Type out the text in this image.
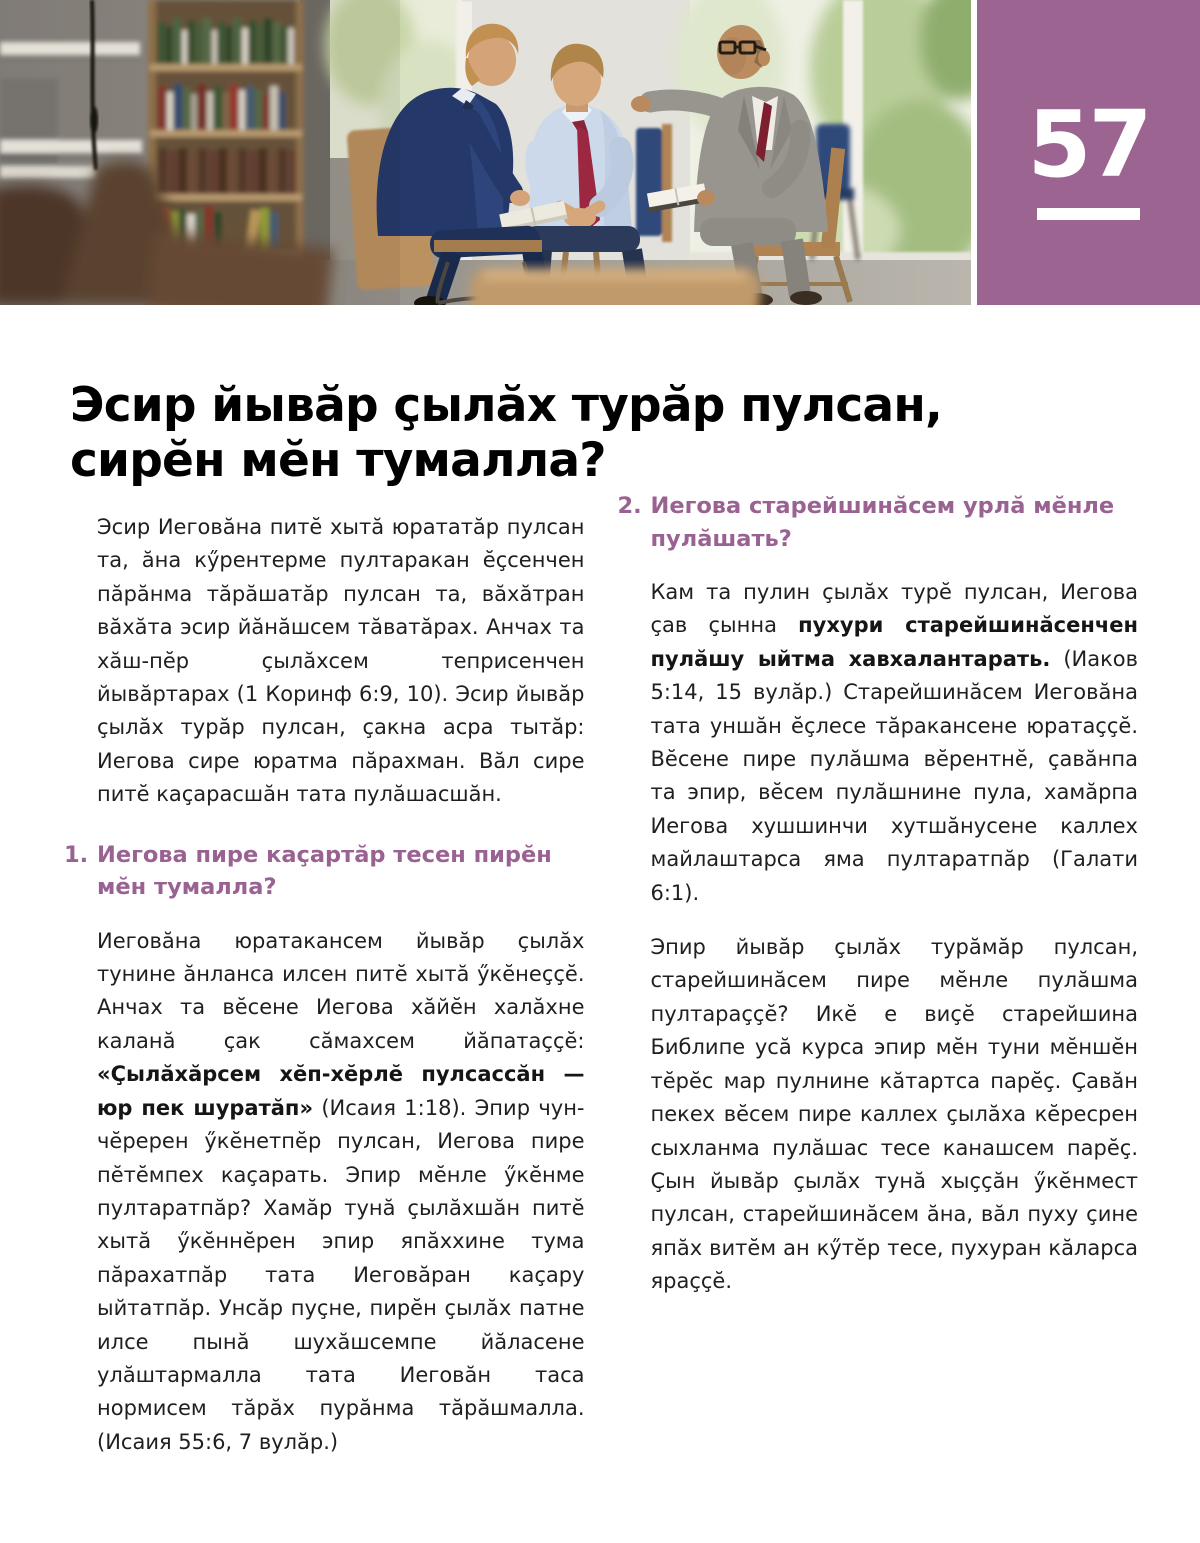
57
Эсир йывӑр ҫылӑх турӑр пулсан,
сирӗн мӗн тумалла?

Эсир Иеговӑна питӗ хытӑ юрататӑр пулсан та, ӑна кӳрентерме пултаракан ӗҫсенчен пӑрӑнма тӑрӑшатӑр пулсан та, вӑхӑтран вӑхӑта эсир йӑнӑшсем тӑватӑрах. Анчах та хӑш-пӗр ҫылӑхсем теприсенчен йывӑртарах (1 Коринф 6:9, 10). Эсир йывӑр ҫылӑх турӑр пулсан, ҫакна асра тытӑр: Иегова сире юратма пӑрахман. Вӑл сире питӗ каҫарасшӑн тата пулӑшасшӑн.

1. Иегова пире каҫартӑр тесен пирӗн мӗн тумалла?

Иеговӑна юратакансем йывӑр ҫылӑх тунине ӑнланса илсен питӗ хытӑ ӳкӗнеҫҫӗ. Анчах та вӗсене Иегова хӑйӗн халӑхне каланӑ ҫак сӑмахсем йӑпатаҫҫӗ: «Ҫылӑхӑрсем хӗп-хӗрлӗ пулсассӑн — юр пек шуратӑп» (Исаия 1:18). Эпир чун-чӗререн ӳкӗнетпӗр пулсан, Иегова пире пӗтӗмпех каҫарать. Эпир мӗнле ӳкӗнме пултаратпӑр? Хамӑр тунӑ ҫылӑхшӑн питӗ хытӑ ӳкӗннӗрен эпир япӑххине тума пӑрахатпӑр тата Иеговӑран каҫару ыйтатпӑр. Унсӑр пуҫне, пирӗн ҫылӑх патне илсе пынӑ шухӑшсемпе йӑласене улӑштармалла тата Иеговӑн таса нормисем тӑрӑх пурӑнма тӑрӑшмалла. (Исаия 55:6, 7 вулӑр.)

2. Иегова старейшинӑсем урлӑ мӗнле пулӑшать?

Кам та пулин ҫылӑх турӗ пулсан, Иегова ҫав ҫынна пухури старейшинӑсенчен пулӑшу ыйтма хавхалантарать. (Иаков 5:14, 15 вулӑр.) Старейшинӑсем Иеговӑна тата уншӑн ӗҫлесе тӑракансене юратаҫҫӗ. Вӗсене пире пулӑшма вӗрентнӗ, ҫавӑнпа та эпир, вӗсем пулӑшнине пула, хамӑрпа Иегова хушшинчи хутшӑнусене каллех майлаштарса яма пултаратпӑр (Галати 6:1).

Эпир йывӑр ҫылӑх турӑмӑр пулсан, старейшинӑсем пире мӗнле пулӑшма пултараҫҫӗ? Икӗ е виҫӗ старейшина Библипе усӑ курса эпир мӗн туни мӗншӗн тӗрӗс мар пулнине кӑтартса парӗҫ. Ҫавӑн пекех вӗсем пире каллех ҫылӑха кӗресрен сыхланма пулӑшас тесе канашсем парӗҫ. Ҫын йывӑр ҫылӑх тунӑ хыҫҫӑн ӳкӗнмест пулсан, старейшинӑсем ӑна, вӑл пуху ҫине япӑх витӗм ан кӳтӗр тесе, пухуран кӑларса яраҫҫӗ.
